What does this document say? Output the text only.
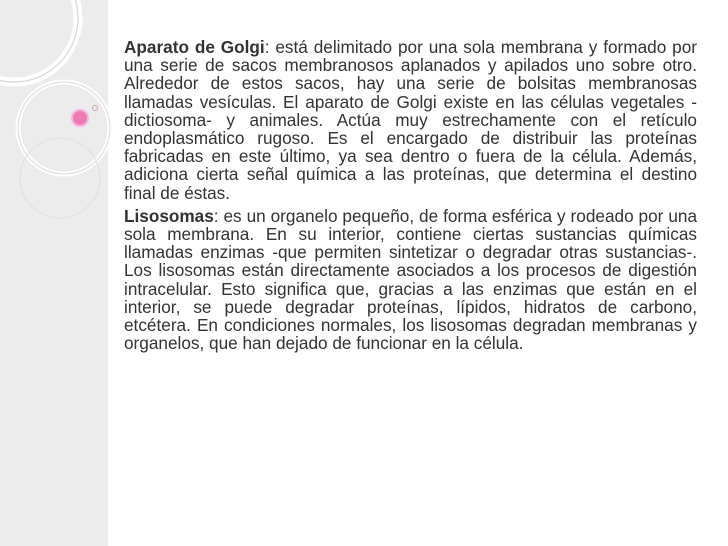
Aparato de Golgi: está delimitado por una sola membrana y formado por una serie de sacos membranosos aplanados y apilados uno sobre otro. Alrededor de estos sacos, hay una serie de bolsitas membranosas llamadas vesículas. El aparato de Golgi existe en las células vegetales -dictiosoma- y animales. Actúa muy estrechamente con el retículo endoplasmático rugoso. Es el encargado de distribuir las proteínas fabricadas en este último, ya sea dentro o fuera de la célula. Además, adiciona cierta señal química a las proteínas, que determina el destino final de éstas.

Lisosomas: es un organelo pequeño, de forma esférica y rodeado por una sola membrana. En su interior, contiene ciertas sustancias químicas llamadas enzimas -que permiten sintetizar o degradar otras sustancias-. Los lisosomas están directamente asociados a los procesos de digestión intracelular. Esto significa que, gracias a las enzimas que están en el interior, se puede degradar proteínas, lípidos, hidratos de carbono, etcétera. En condiciones normales, los lisosomas degradan membranas y organelos, que han dejado de funcionar en la célula.
